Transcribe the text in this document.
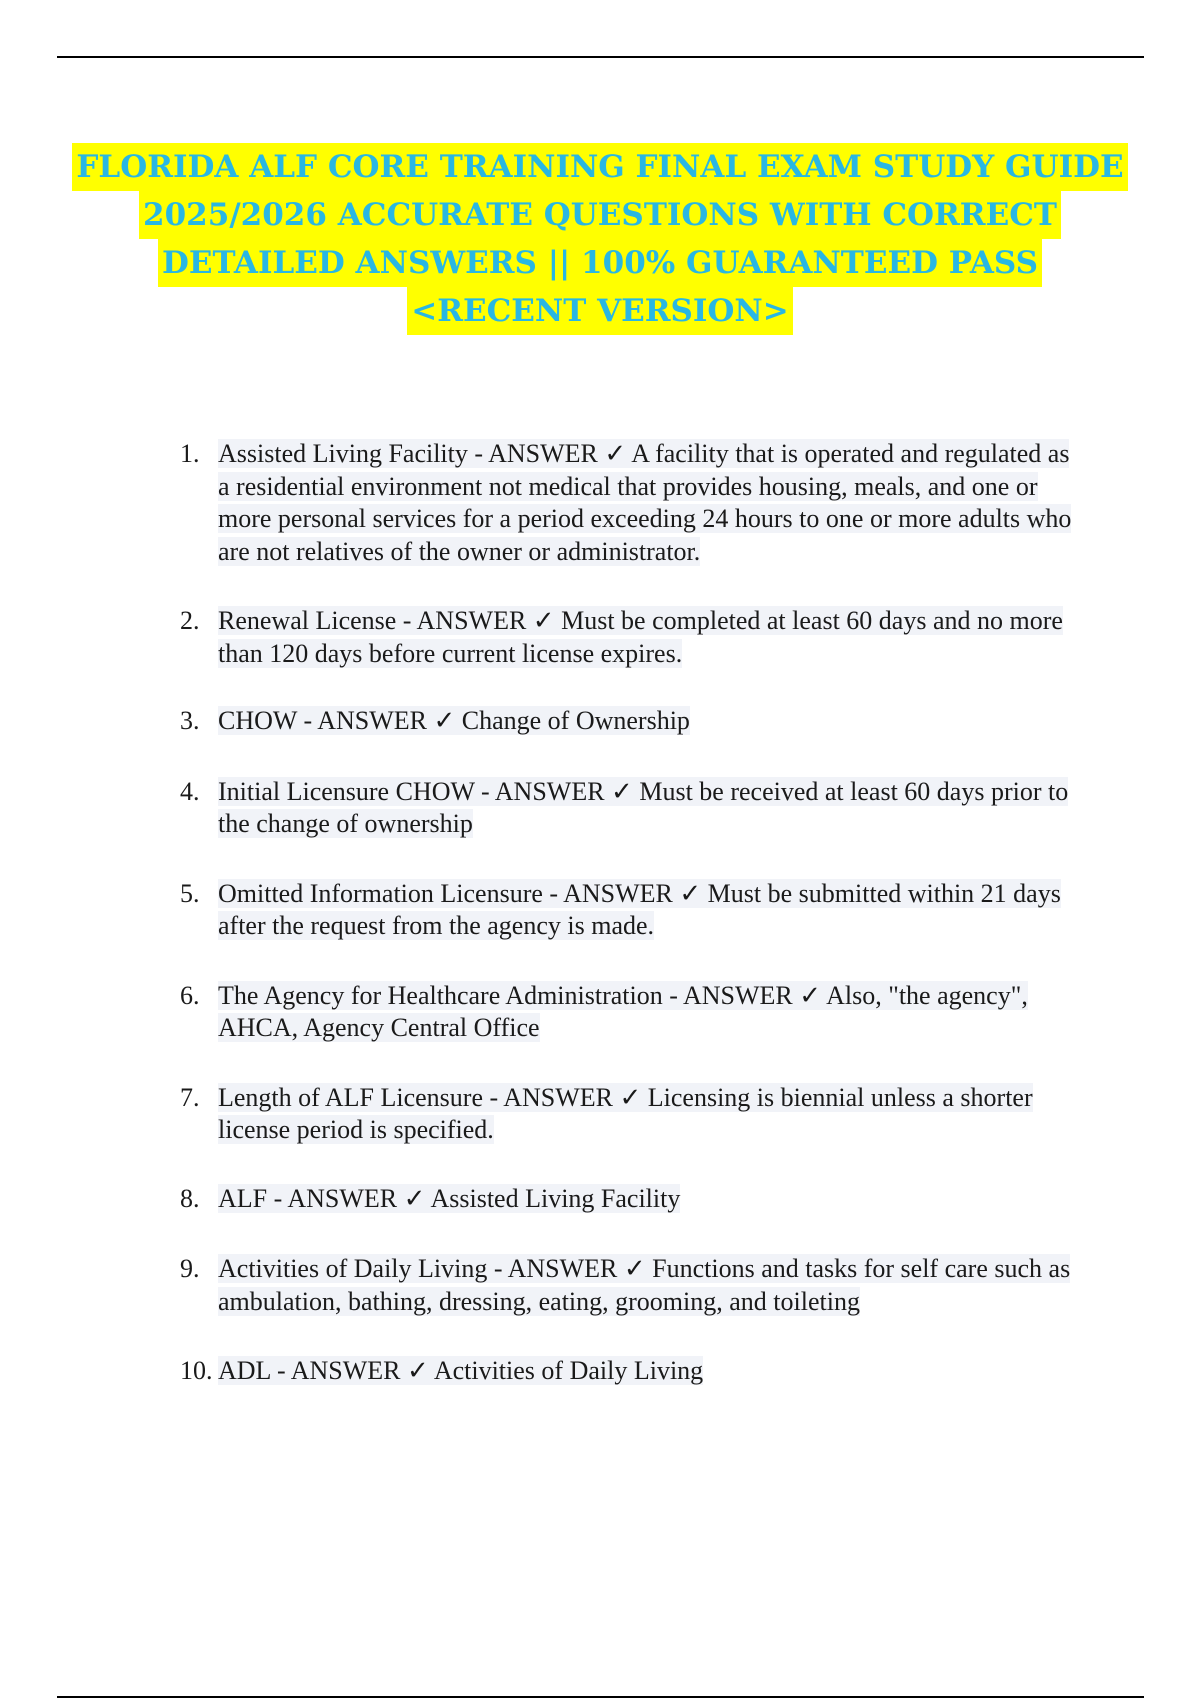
FLORIDA ALF CORE TRAINING FINAL EXAM STUDY GUIDE
2025/2026 ACCURATE QUESTIONS WITH CORRECT
DETAILED ANSWERS || 100% GUARANTEED PASS
<RECENT VERSION>
1. Assisted Living Facility - ANSWER ✓ A facility that is operated and regulated as a residential environment not medical that provides housing, meals, and one or more personal services for a period exceeding 24 hours to one or more adults who are not relatives of the owner or administrator.
2. Renewal License - ANSWER ✓ Must be completed at least 60 days and no more than 120 days before current license expires.
3. CHOW - ANSWER ✓ Change of Ownership
4. Initial Licensure CHOW - ANSWER ✓ Must be received at least 60 days prior to the change of ownership
5. Omitted Information Licensure - ANSWER ✓ Must be submitted within 21 days after the request from the agency is made.
6. The Agency for Healthcare Administration - ANSWER ✓ Also, "the agency", AHCA, Agency Central Office
7. Length of ALF Licensure - ANSWER ✓ Licensing is biennial unless a shorter license period is specified.
8. ALF - ANSWER ✓ Assisted Living Facility
9. Activities of Daily Living - ANSWER ✓ Functions and tasks for self care such as ambulation, bathing, dressing, eating, grooming, and toileting
10. ADL - ANSWER ✓ Activities of Daily Living
